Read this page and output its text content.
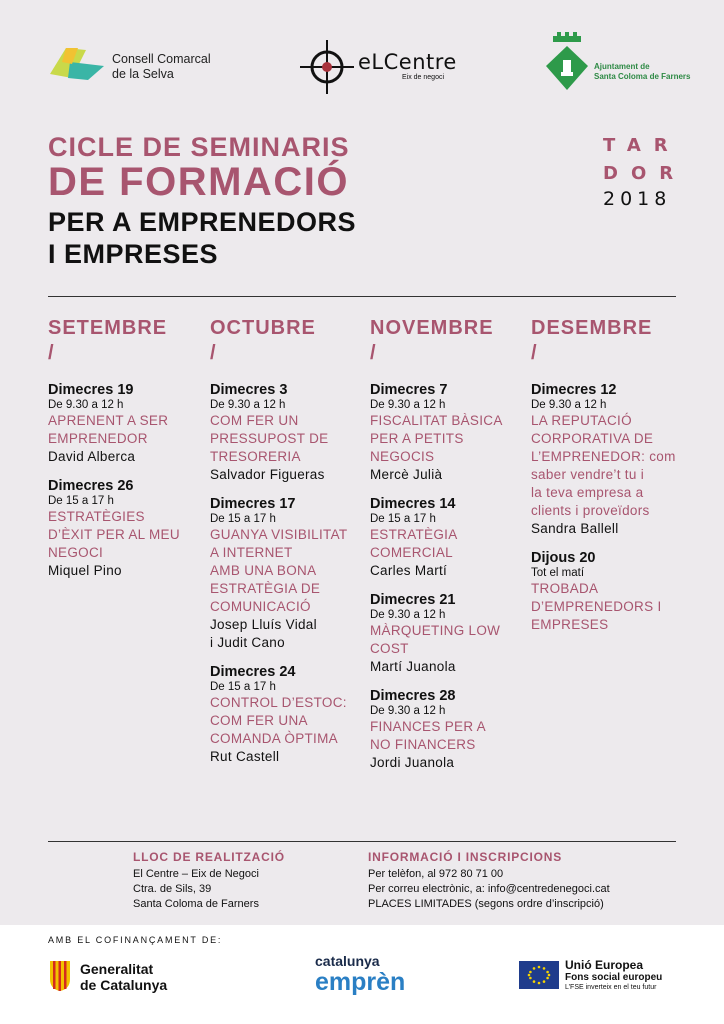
Consell Comarcal
de la Selva	eLCentre
Eix de negoci
Ajuntament de
Santa Coloma de Farners
CICLE DE SEMINARIS
DE FORMACIÓ
PER A EMPRENEDORS
I EMPRESES
TAR
DOR
2018
SETEMBRE
/
Dimecres 19
De 9.30 a 12 h
APRENENT A SER
EMPRENEDOR
David Alberca
Dimecres 26
De 15 a 17 h
ESTRATÈGIES
D’ÈXIT PER AL MEU
NEGOCI
Miquel Pino
OCTUBRE
/
Dimecres 3
De 9.30 a 12 h
COM FER UN
PRESSUPOST DE
TRESORERIA
Salvador Figueras
Dimecres 17
De 15 a 17 h
GUANYA VISIBILITAT
A INTERNET
AMB UNA BONA
ESTRATÈGIA DE
COMUNICACIÓ
Josep Lluís Vidal
i Judit Cano
Dimecres 24
De 15 a 17 h
CONTROL D’ESTOC:
COM FER UNA
COMANDA ÒPTIMA
Rut Castell
NOVEMBRE
/
Dimecres 7
De 9.30 a 12 h
FISCALITAT BÀSICA
PER A PETITS
NEGOCIS
Mercè Julià
Dimecres 14
De 15 a 17 h
ESTRATÈGIA
COMERCIAL
Carles Martí
Dimecres 21
De 9.30 a 12 h
MÀRQUETING LOW
COST
Martí Juanola
Dimecres 28
De 9.30 a 12 h
FINANCES PER A
NO FINANCERS
Jordi Juanola
DESEMBRE
/
Dimecres 12
De 9.30 a 12 h
LA REPUTACIÓ
CORPORATIVA DE
L’EMPRENEDOR: com
saber vendre’t tu i
la teva empresa a
clients i proveïdors
Sandra Ballell
Dijous 20
Tot el matí
TROBADA
D’EMPRENEDORS I
EMPRESES
LLOC DE REALITZACIÓ
El Centre – Eix de Negoci
Ctra. de Sils, 39
Santa Coloma de Farners
INFORMACIÓ I INSCRIPCIONS
Per telèfon, al 972 80 71 00
Per correu electrònic, a: info@centredenegoci.cat
PLACES LIMITADES (segons ordre d’inscripció)
AMB EL COFINANÇAMENT DE:
Generalitat
de Catalunya
catalunya
emprèn
Unió Europea
Fons social europeu
L’FSE inverteix en el teu futur
